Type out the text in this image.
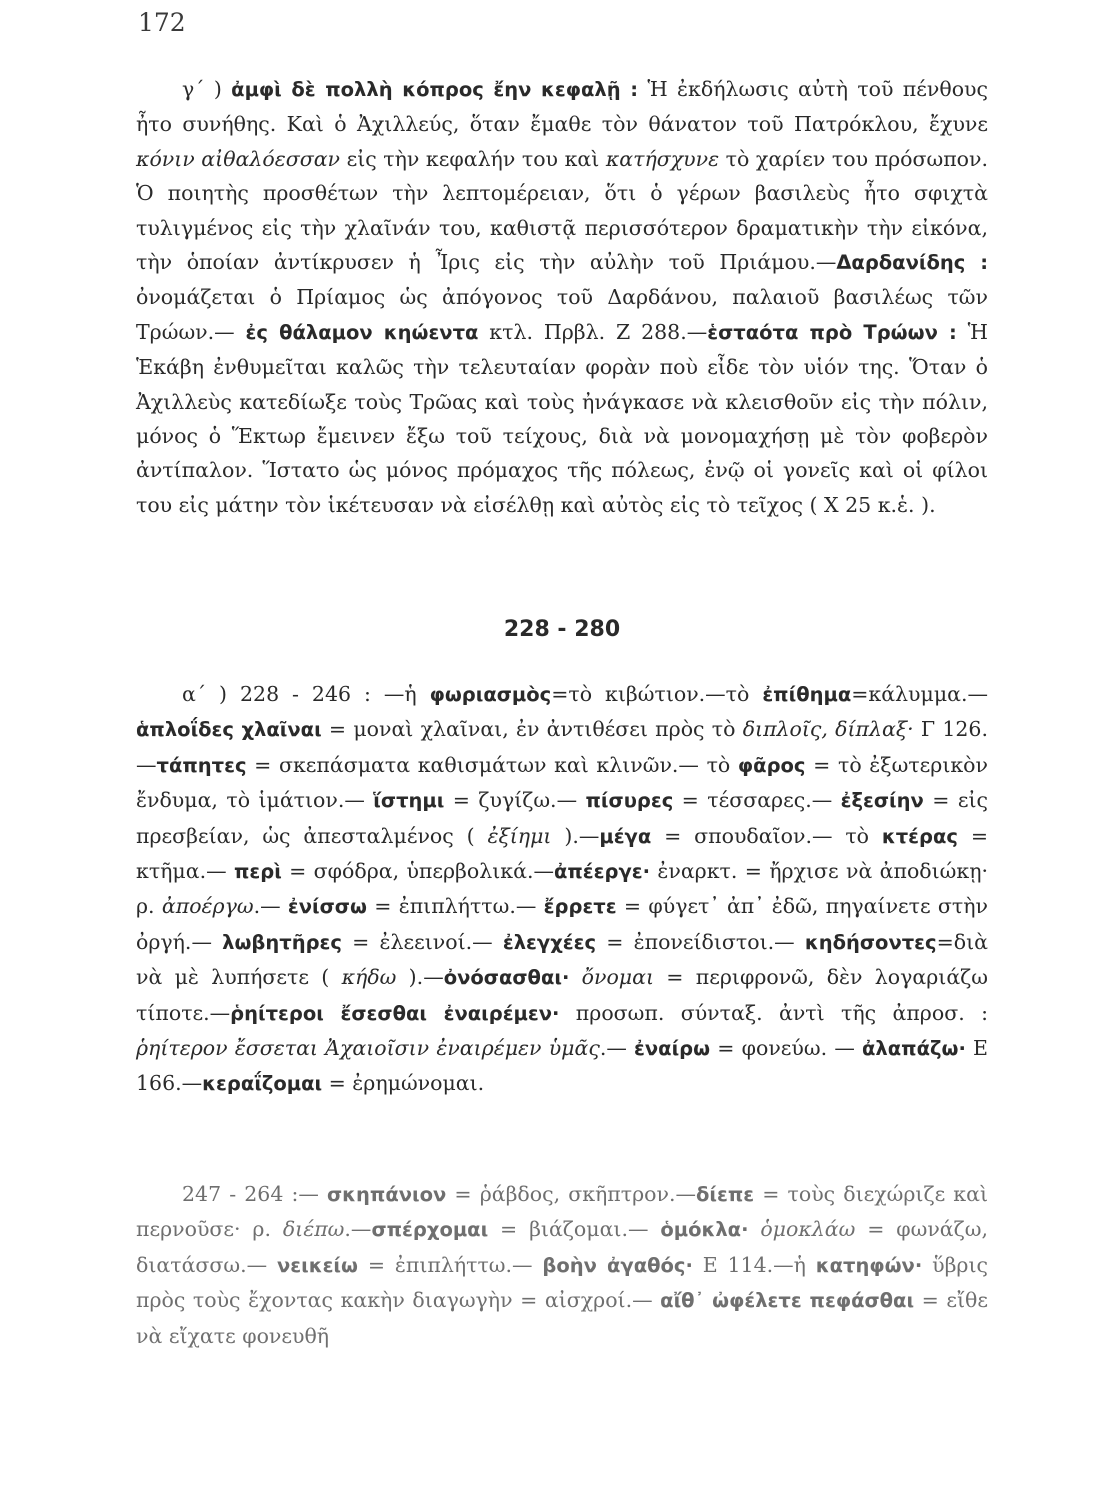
172

γ΄ ) ἀμφὶ δὲ πολλὴ κόπρος ἔην κεφαλῇ : Ἡ ἐκδήλωσις αὐτὴ τοῦ πένθους ἦτο συνήθης. Καὶ ὁ Ἀχιλλεύς, ὅταν ἔμαθε τὸν θάνατον τοῦ Πατρόκλου, ἔχυνε κόνιν αἰθαλόεσσαν εἰς τὴν κεφαλήν του καὶ κατήσχυνε τὸ χαρίεν του πρόσωπον. Ὁ ποιητὴς προσθέτων τὴν λεπτομέρειαν, ὅτι ὁ γέρων βασιλεὺς ἦτο σφιχτὰ τυλιγμένος εἰς τὴν χλαῖνάν του, καθιστᾷ περισσότερον δραματικὴν τὴν εἰκόνα, τὴν ὁποίαν ἀντίκρυσεν ἡ Ἶρις εἰς τὴν αὐλὴν τοῦ Πριάμου.—Δαρδανίδης : ὀνομάζεται ὁ Πρίαμος ὡς ἀπόγονος τοῦ Δαρδάνου, παλαιοῦ βασιλέως τῶν Τρώων.— ἐς θάλαμον κηώεντα κτλ. Πρβλ. Ζ 288.—ἑσταότα πρὸ Τρώων : Ἡ Ἑκάβη ἐνθυμεῖται καλῶς τὴν τελευταίαν φορὰν ποὺ εἶδε τὸν υἱόν της. Ὅταν ὁ Ἀχιλλεὺς κατεδίωξε τοὺς Τρῶας καὶ τοὺς ἠνάγκασε νὰ κλεισθοῦν εἰς τὴν πόλιν, μόνος ὁ Ἕκτωρ ἔμεινεν ἔξω τοῦ τείχους, διὰ νὰ μονομαχήσῃ μὲ τὸν φοβερὸν ἀντίπαλον. Ἵστατο ὡς μόνος πρόμαχος τῆς πόλεως, ἐνῷ οἱ γονεῖς καὶ οἱ φίλοι του εἰς μάτην τὸν ἱκέτευσαν νὰ εἰσέλθῃ καὶ αὐτὸς εἰς τὸ τεῖχος ( Χ 25 κ.ἑ. ).

228 - 280

α΄ ) 228 - 246 : —ἡ φωριασμὸς=τὸ κιβώτιον.—τὸ ἐπίθημα=κάλυμμα.— ἁπλοΐδες χλαῖναι = μοναὶ χλαῖναι, ἐν ἀντιθέσει πρὸς τὸ διπλοῖς, δίπλαξ· Γ 126.—τάπητες = σκεπάσματα καθισμάτων καὶ κλινῶν.— τὸ φᾶρος = τὸ ἐξωτερικὸν ἔνδυμα, τὸ ἱμάτιον.— ἵστημι = ζυγίζω.— πίσυρες = τέσσαρες.— ἐξεσίην = εἰς πρεσβείαν, ὡς ἀπεσταλμένος ( ἐξίημι ).—μέγα = σπουδαῖον.— τὸ κτέρας = κτῆμα.— περὶ = σφόδρα, ὑπερβολικά.—ἀπέεργε· ἐναρκτ. = ἤρχισε νὰ ἀποδιώκῃ· ρ. ἀποέργω.— ἐνίσσω = ἐπιπλήττω.— ἔρρετε = φύγετ᾿ ἀπ᾿ ἐδῶ, πηγαίνετε στὴν ὀργή.— λωβητῆρες = ἐλεεινοί.— ἐλεγχέες = ἐπονείδιστοι.— κηδήσοντες=διὰ νὰ μὲ λυπήσετε ( κήδω ).—ὀνόσασθαι· ὄνομαι = περιφρονῶ, δὲν λογαριάζω τίποτε.—ῥηίτεροι ἔσεσθαι ἐναιρέμεν· προσωπ. σύνταξ. ἀντὶ τῆς ἀπροσ. : ῥηίτερον ἔσσεται Ἀχαιοῖσιν ἐναιρέμεν ὑμᾶς.— ἐναίρω = φονεύω. — ἀλαπάζω· Ε 166.—κεραΐζομαι = ἐρημώνομαι.

247 - 264 :— σκηπάνιον = ῥάβδος, σκῆπτρον.—δίεπε = τοὺς διεχώριζε καὶ περνοῦσε· ρ. διέπω.—σπέρχομαι = βιάζομαι.— ὁμόκλα· ὁμοκλάω = φωνάζω, διατάσσω.— νεικείω = ἐπιπλήττω.— βοὴν ἀγαθός· Ε 114.—ἡ κατηφών· ὕβρις πρὸς τοὺς ἔχοντας κακὴν διαγωγὴν = αἰσχροί.— αἴθ᾿ ὠφέλετε πεφάσθαι = εἴθε νὰ εἴχατε φονευθῆ
